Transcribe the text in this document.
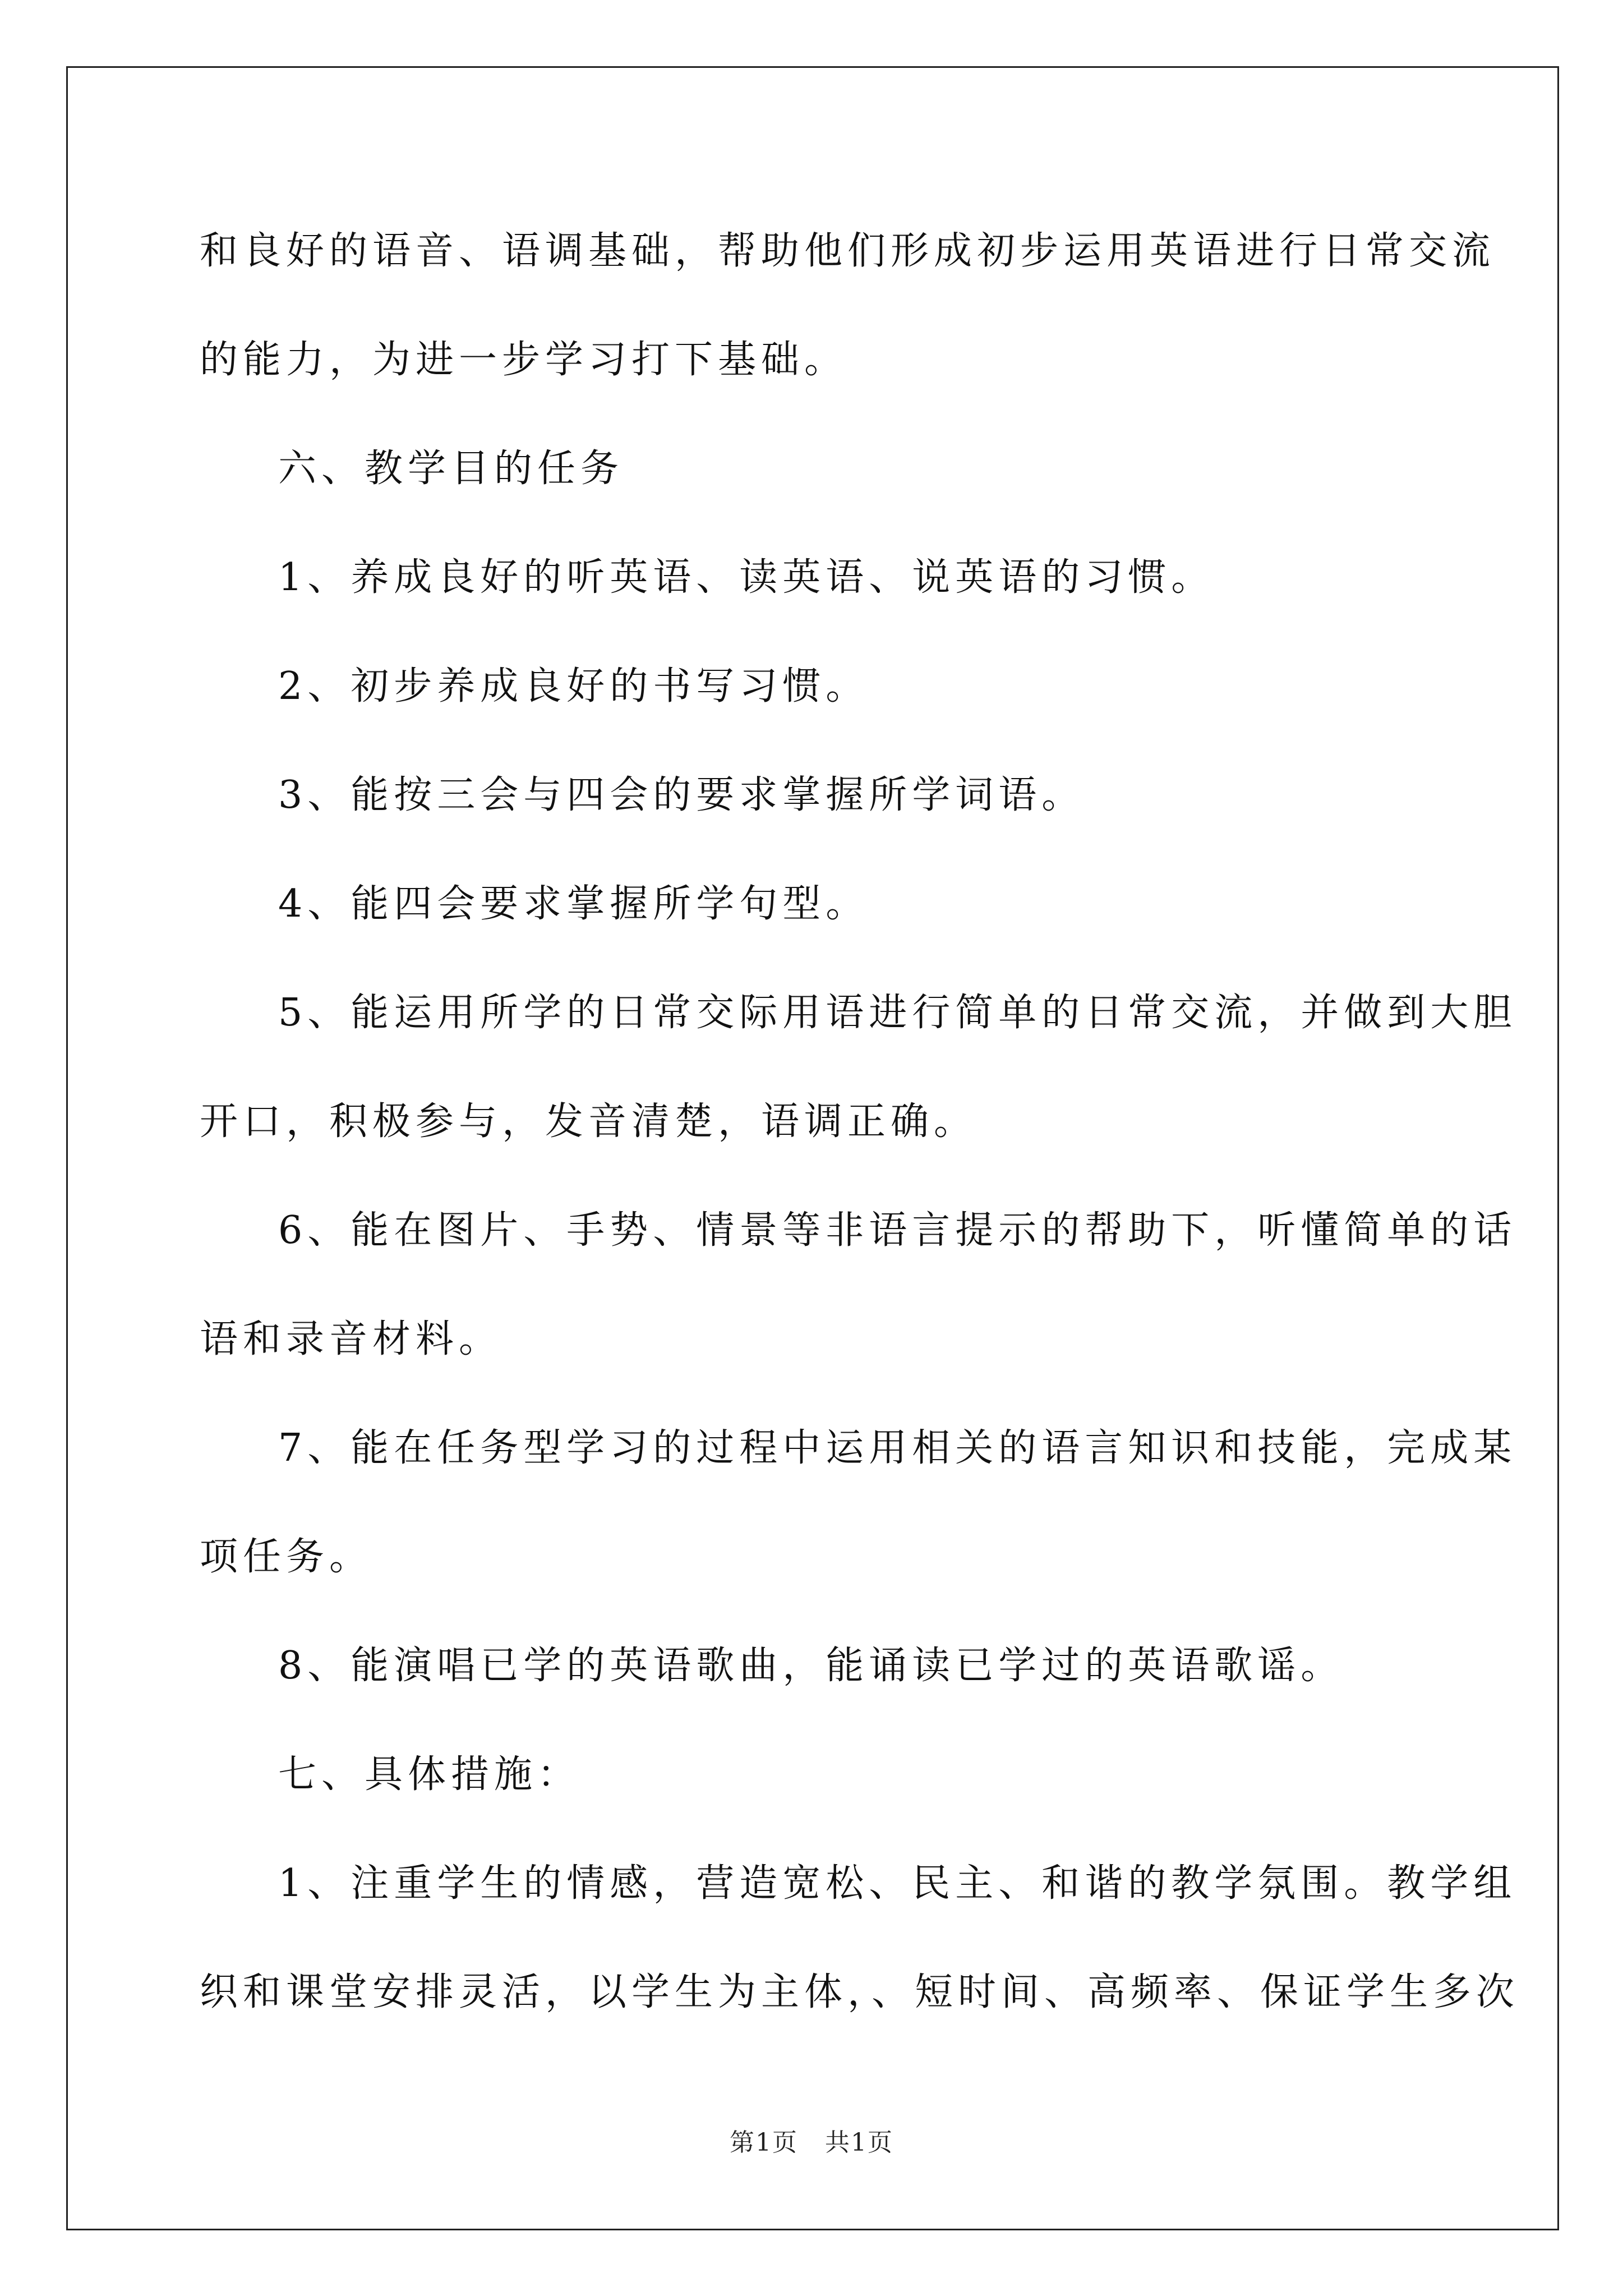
和良好的语音、语调基础，帮助他们形成初步运用英语进行日常交流
的能力，为进一步学习打下基础。
六、教学目的任务
1、养成良好的听英语、读英语、说英语的习惯。
2、初步养成良好的书写习惯。
3、能按三会与四会的要求掌握所学词语。
4、能四会要求掌握所学句型。
5、能运用所学的日常交际用语进行简单的日常交流，并做到大胆
开口，积极参与，发音清楚，语调正确。
6、能在图片、手势、情景等非语言提示的帮助下，听懂简单的话
语和录音材料。
7、能在任务型学习的过程中运用相关的语言知识和技能，完成某
项任务。
8、能演唱已学的英语歌曲，能诵读已学过的英语歌谣。
七、具体措施：
1、注重学生的情感，营造宽松、民主、和谐的教学氛围。教学组
织和课堂安排灵活，以学生为主体，、短时间、高频率、保证学生多次
第1页 共1页
